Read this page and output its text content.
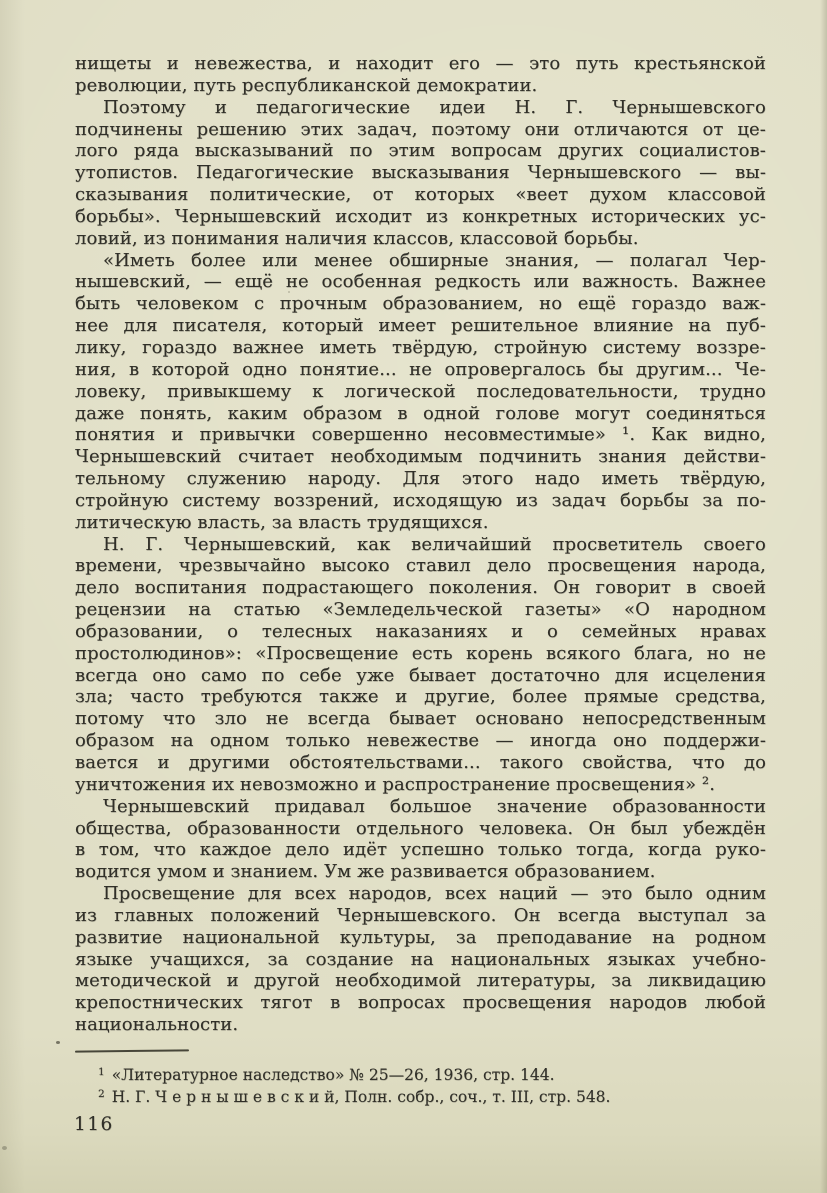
нищеты и невежества, и находит его — это путь крестьянской
революции, путь республиканской демократии.
Поэтому и педагогические идеи Н. Г. Чернышевского
подчинены решению этих задач, поэтому они отличаются от це-
лого ряда высказываний по этим вопросам других социалистов-
утопистов. Педагогические высказывания Чернышевского — вы-
сказывания политические, от которых «веет духом классовой
борьбы». Чернышевский исходит из конкретных исторических ус-
ловий, из понимания наличия классов, классовой борьбы.
«Иметь более или менее обширные знания, — полагал Чер-
нышевский, — ещё не особенная редкость или важность. Важнее
быть человеком с прочным образованием, но ещё гораздо важ-
нее для писателя, который имеет решительное влияние на пуб-
лику, гораздо важнее иметь твёрдую, стройную систему воззре-
ния, в которой одно понятие... не опровергалось бы другим... Че-
ловеку, привыкшему к логической последовательности, трудно
даже понять, каким образом в одной голове могут соединяться
понятия и привычки совершенно несовместимые» ¹. Как видно,
Чернышевский считает необходимым подчинить знания действи-
тельному служению народу. Для этого надо иметь твёрдую,
стройную систему воззрений, исходящую из задач борьбы за по-
литическую власть, за власть трудящихся.
Н. Г. Чернышевский, как величайший просветитель своего
времени, чрезвычайно высоко ставил дело просвещения народа,
дело воспитания подрастающего поколения. Он говорит в своей
рецензии на статью «Земледельческой газеты» «О народном
образовании, о телесных наказаниях и о семейных нравах
простолюдинов»: «Просвещение есть корень всякого блага, но не
всегда оно само по себе уже бывает достаточно для исцеления
зла; часто требуются также и другие, более прямые средства,
потому что зло не всегда бывает основано непосредственным
образом на одном только невежестве — иногда оно поддержи-
вается и другими обстоятельствами... такого свойства, что до
уничтожения их невозможно и распространение просвещения» ².
Чернышевский придавал большое значение образованности
общества, образованности отдельного человека. Он был убеждён
в том, что каждое дело идёт успешно только тогда, когда руко-
водится умом и знанием. Ум же развивается образованием.
Просвещение для всех народов, всех наций — это было одним
из главных положений Чернышевского. Он всегда выступал за
развитие национальной культуры, за преподавание на родном
языке учащихся, за создание на национальных языках учебно-
методической и другой необходимой литературы, за ликвидацию
крепостнических тягот в вопросах просвещения народов любой
национальности.
$^1$ «Литературное наследство» № 25—26, 1936, стр. 144.
$^2$ Н. Г. Ч е р н ы ш е в с к и й, Полн. собр., соч., т. III, стр. 548.
116
